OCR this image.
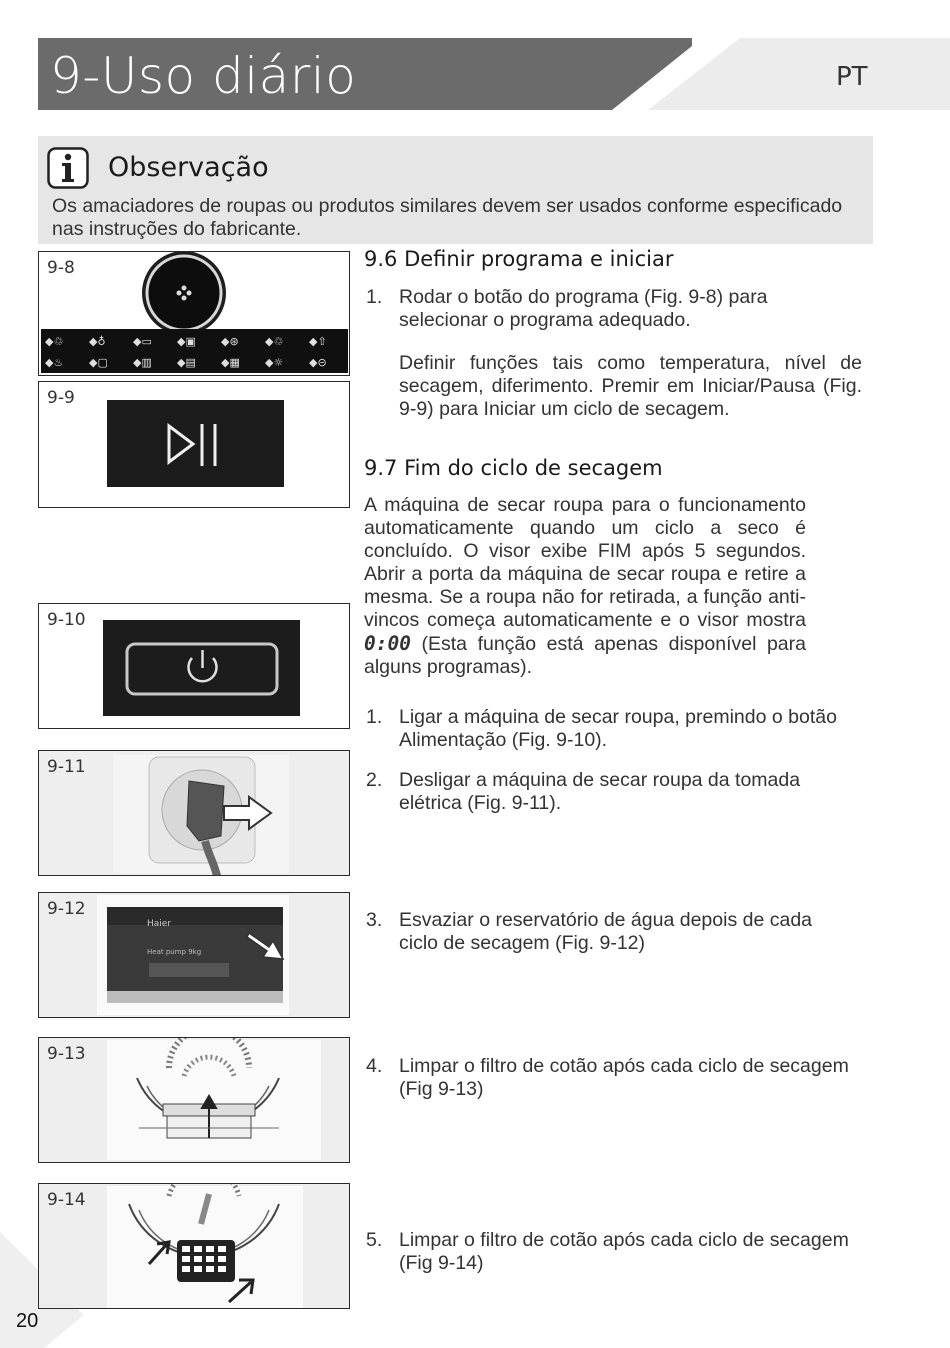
9-Uso diário	PT
Observação
Os amaciadores de roupas ou produtos similares devem ser usados conforme especificado nas instruções do fabricante.
◆♲ ◆♁ ◆▭ ◆▣ ◆⊛ ◆♲ ◆⇧
◆♨ ◆▢ ◆▥ ◆▤ ◆▦ ◆☼ ◆⊝
9-8
9-9
9-10
9-11
Haier
Heat pump 9kg
9-12
9-13
9-14
9.6 Definir programa e iniciar
1. Rodar o botão do programa (Fig. 9-8) para selecionar o programa adequado.
Definir funções tais como temperatura, nível de secagem, diferimento. Premir em Iniciar/Pausa (Fig. 9-9) para Iniciar um ciclo de secagem.
9.7 Fim do ciclo de secagem
A máquina de secar roupa para o funcionamento automaticamente quando um ciclo a seco é concluído. O visor exibe FIM após 5 segundos. Abrir a porta da máquina de secar roupa e retire a mesma. Se a roupa não for retirada, a função anti-vincos começa automaticamente e o visor mostra 0:00 (Esta função está apenas disponível para alguns programas).
1. Ligar a máquina de secar roupa, premindo o botão Alimentação (Fig. 9-10).
2. Desligar a máquina de secar roupa da tomada elétrica (Fig. 9-11).
3. Esvaziar o reservatório de água depois de cada ciclo de secagem (Fig. 9-12)
4. Limpar o filtro de cotão após cada ciclo de secagem (Fig 9-13)
5. Limpar o filtro de cotão após cada ciclo de secagem (Fig 9-14)
20
